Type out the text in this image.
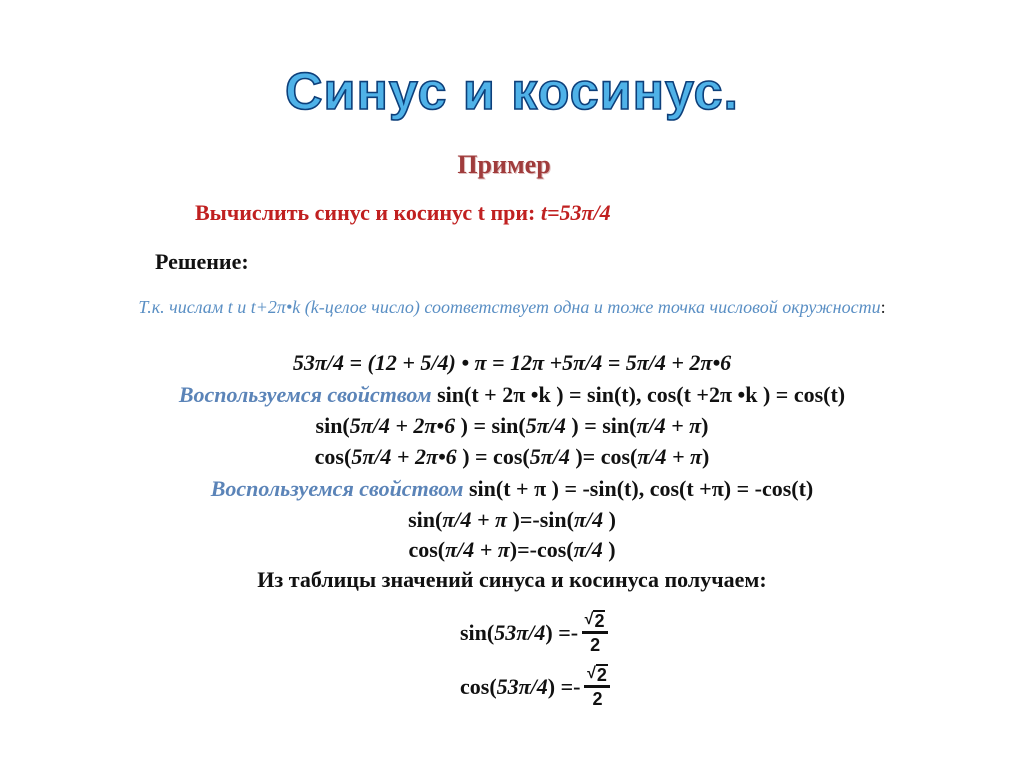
Синус и косинус.
Пример
Вычислить синус и косинус t при: t=53π/4
Решение:
Т.к. числам t и t+2π•k (k-целое число) соответствует одна и тоже точка числовой окружности:
53π/4 = (12 + 5/4) • π = 12π +5π/4 = 5π/4 + 2π•6
Воспользуемся свойством sin(t + 2π •k ) = sin(t), cos(t +2π •k ) = cos(t)
sin(5π/4 + 2π•6 ) = sin(5π/4 ) = sin(π/4 + π)
cos(5π/4 + 2π•6 ) = cos(5π/4 )= cos(π/4 + π)
Воспользуемся свойством sin(t + π ) = -sin(t), cos(t +π) = -cos(t)
sin(π/4 + π )=-sin(π/4 )
cos(π/4 + π)=-cos(π/4 )
Из таблицы значений синуса и косинуса получаем:
sin( 53π/4 ) = - $\frac{√ 2}{2}$
cos( 53π/4 ) = - $\frac{√ 2}{2}$
